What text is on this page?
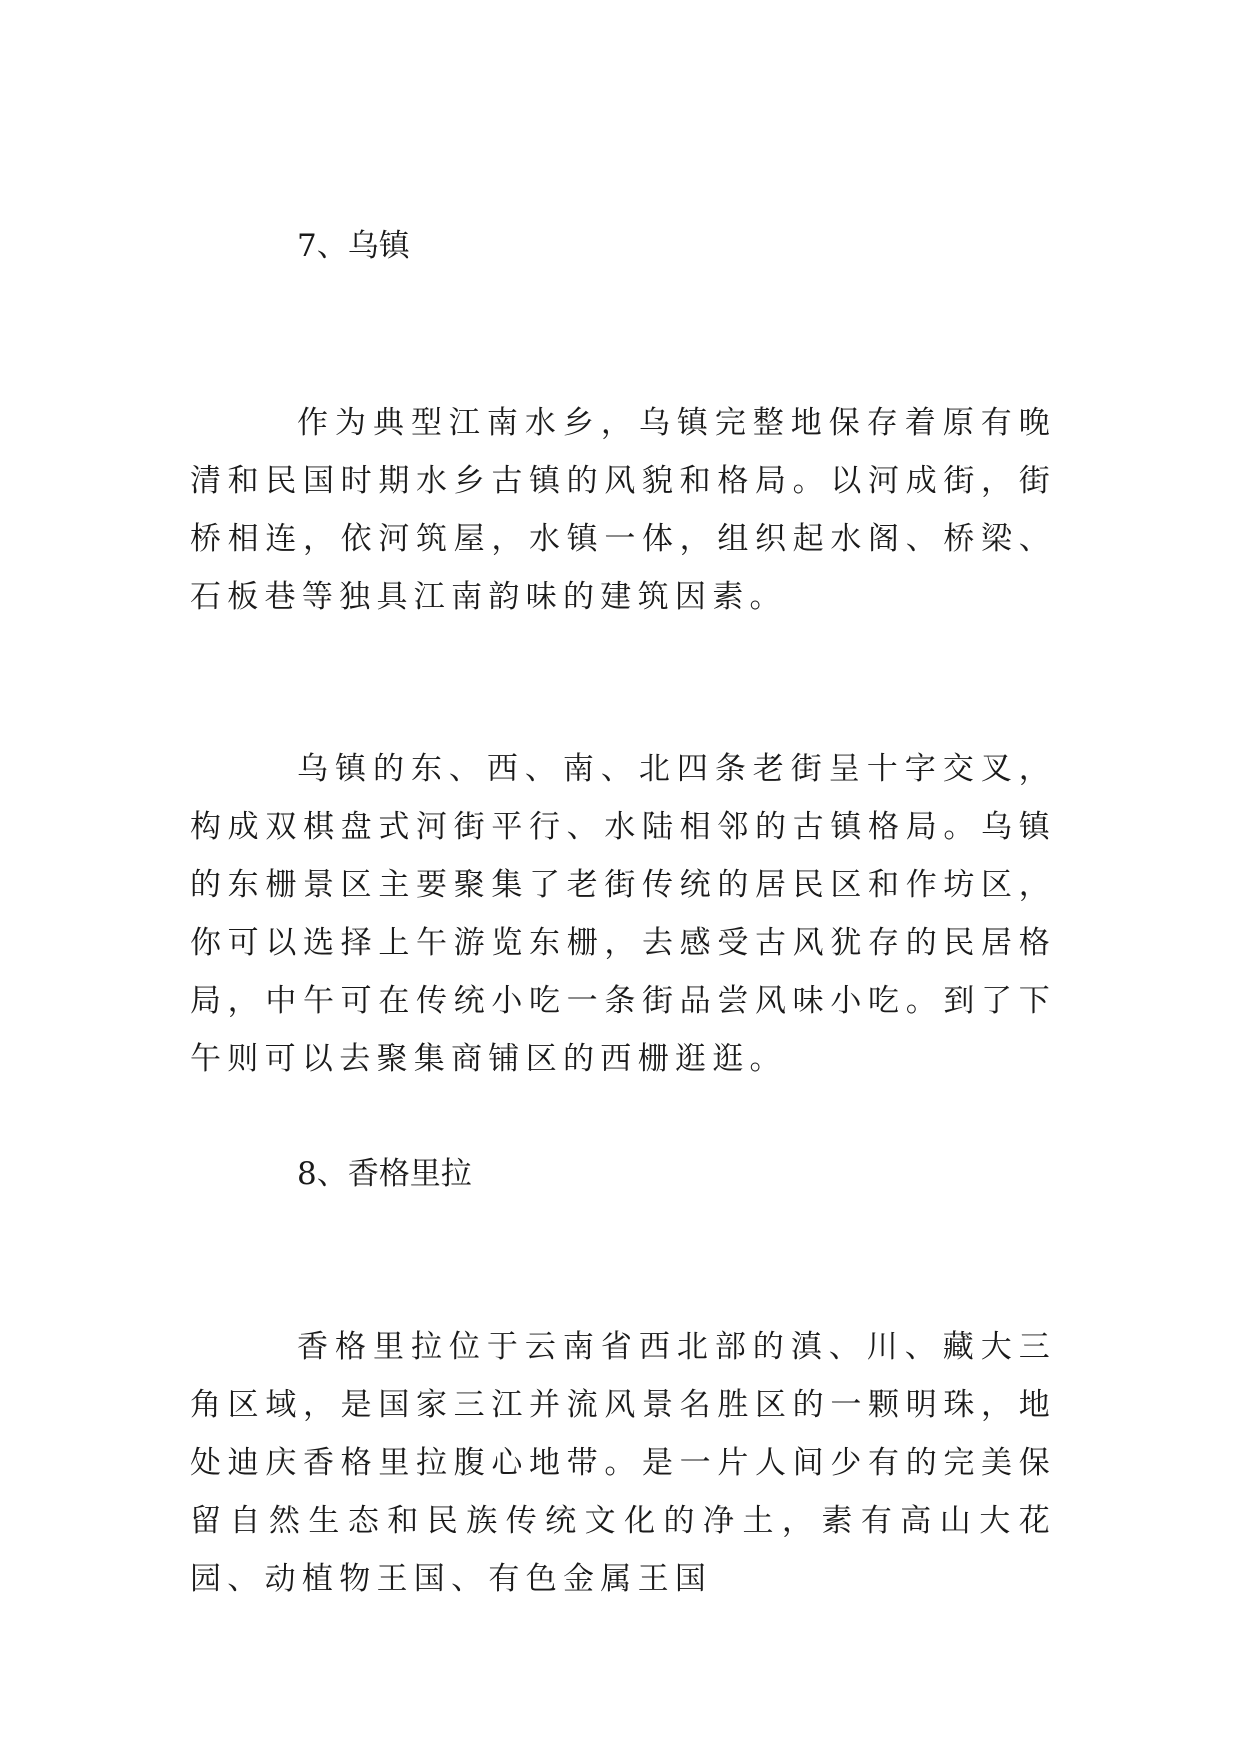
7、乌镇

作为典型江南水乡，乌镇完整地保存着原有晚清和民国时期水乡古镇的风貌和格局。以河成街，街桥相连，依河筑屋，水镇一体，组织起水阁、桥梁、石板巷等独具江南韵味的建筑因素。

乌镇的东、西、南、北四条老街呈十字交叉，构成双棋盘式河街平行、水陆相邻的古镇格局。乌镇的东栅景区主要聚集了老街传统的居民区和作坊区，你可以选择上午游览东栅，去感受古风犹存的民居格局，中午可在传统小吃一条街品尝风味小吃。到了下午则可以去聚集商铺区的西栅逛逛。

8、香格里拉

香格里拉位于云南省西北部的滇、川、藏大三角区域，是国家三江并流风景名胜区的一颗明珠，地处迪庆香格里拉腹心地带。是一片人间少有的完美保留自然生态和民族传统文化的净土，素有高山大花园、动植物王国、有色金属王国
